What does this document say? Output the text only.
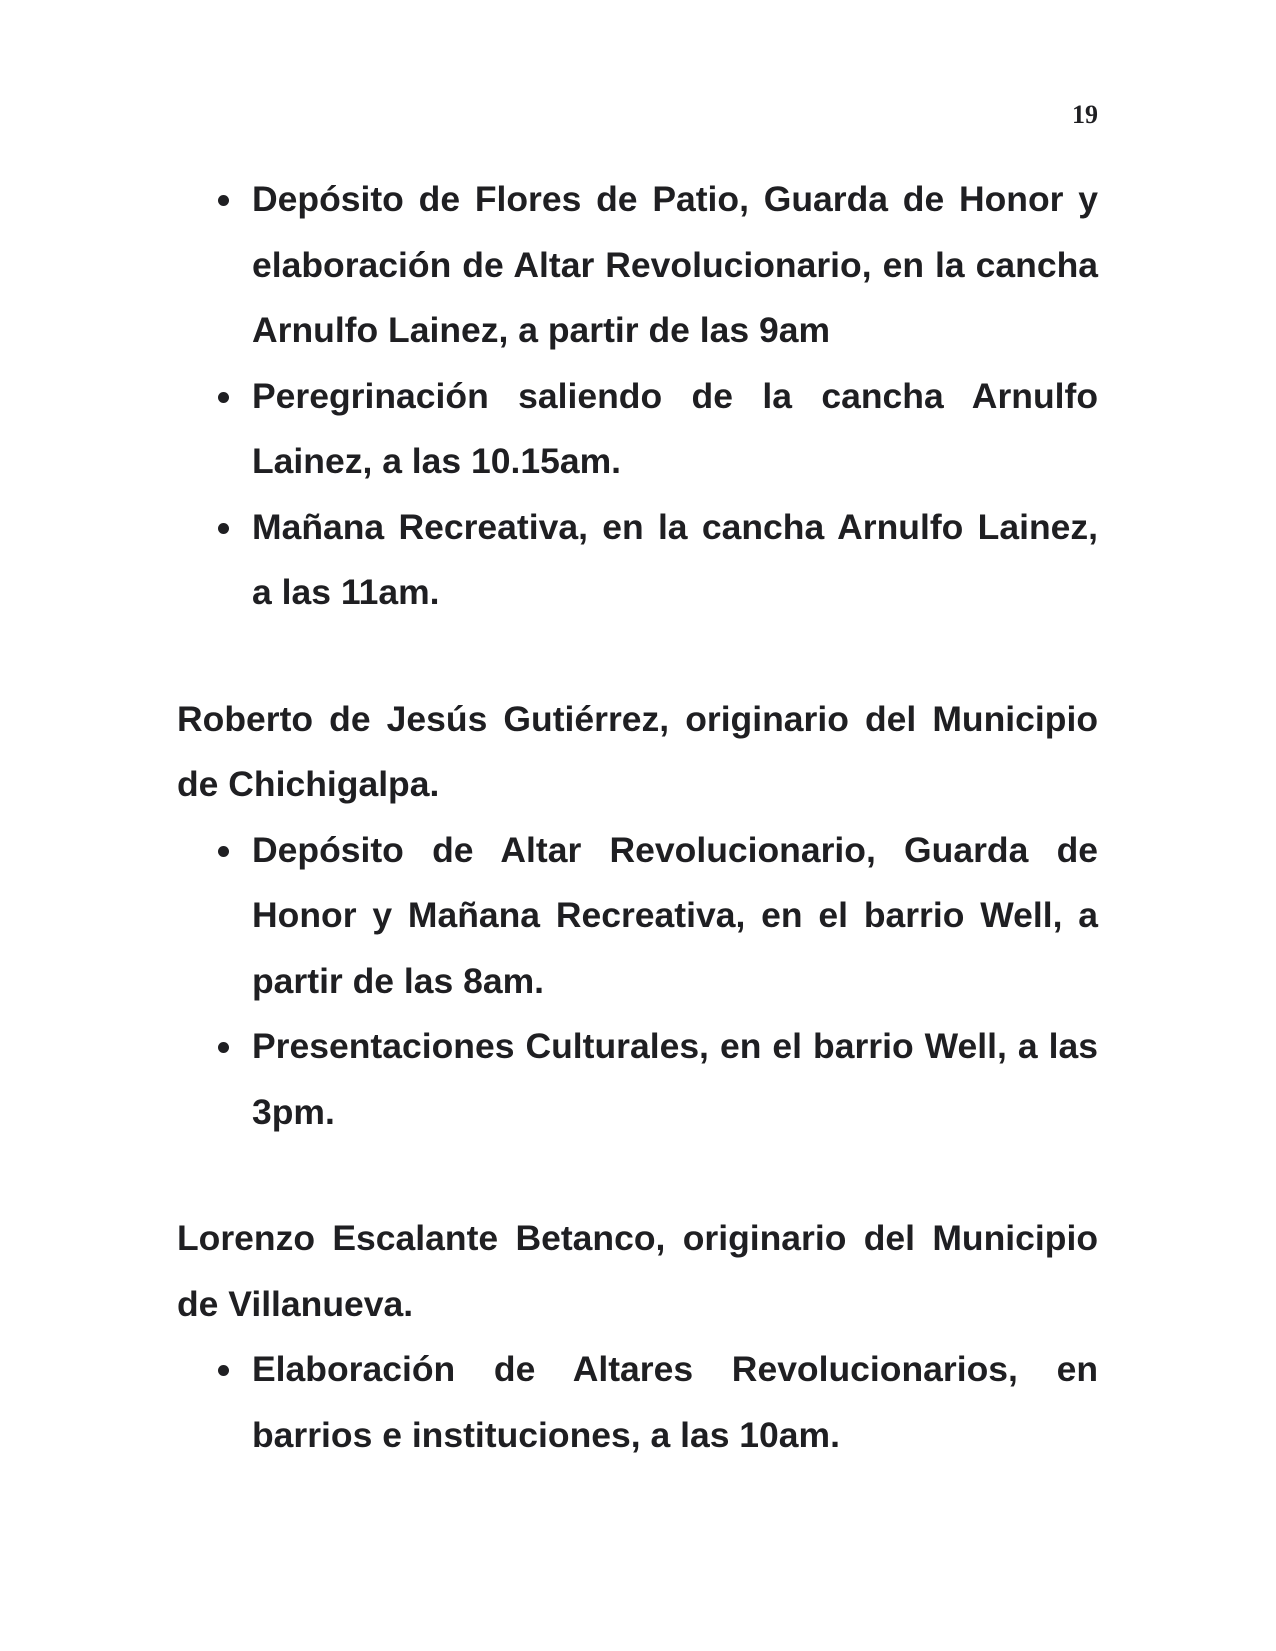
19
Depósito de Flores de Patio, Guarda de Honor y elaboración de Altar Revolucionario, en la cancha Arnulfo Lainez, a partir de las 9am
Peregrinación saliendo de la cancha Arnulfo Lainez, a las 10.15am.
Mañana Recreativa, en la cancha Arnulfo Lainez, a las 11am.

Roberto de Jesús Gutiérrez, originario del Municipio de Chichigalpa.

Depósito de Altar Revolucionario, Guarda de Honor y Mañana Recreativa, en el barrio Well, a partir de las 8am.
Presentaciones Culturales, en el barrio Well, a las 3pm.

Lorenzo Escalante Betanco, originario del Municipio de Villanueva.

Elaboración de Altares Revolucionarios, en barrios e instituciones, a las 10am.
